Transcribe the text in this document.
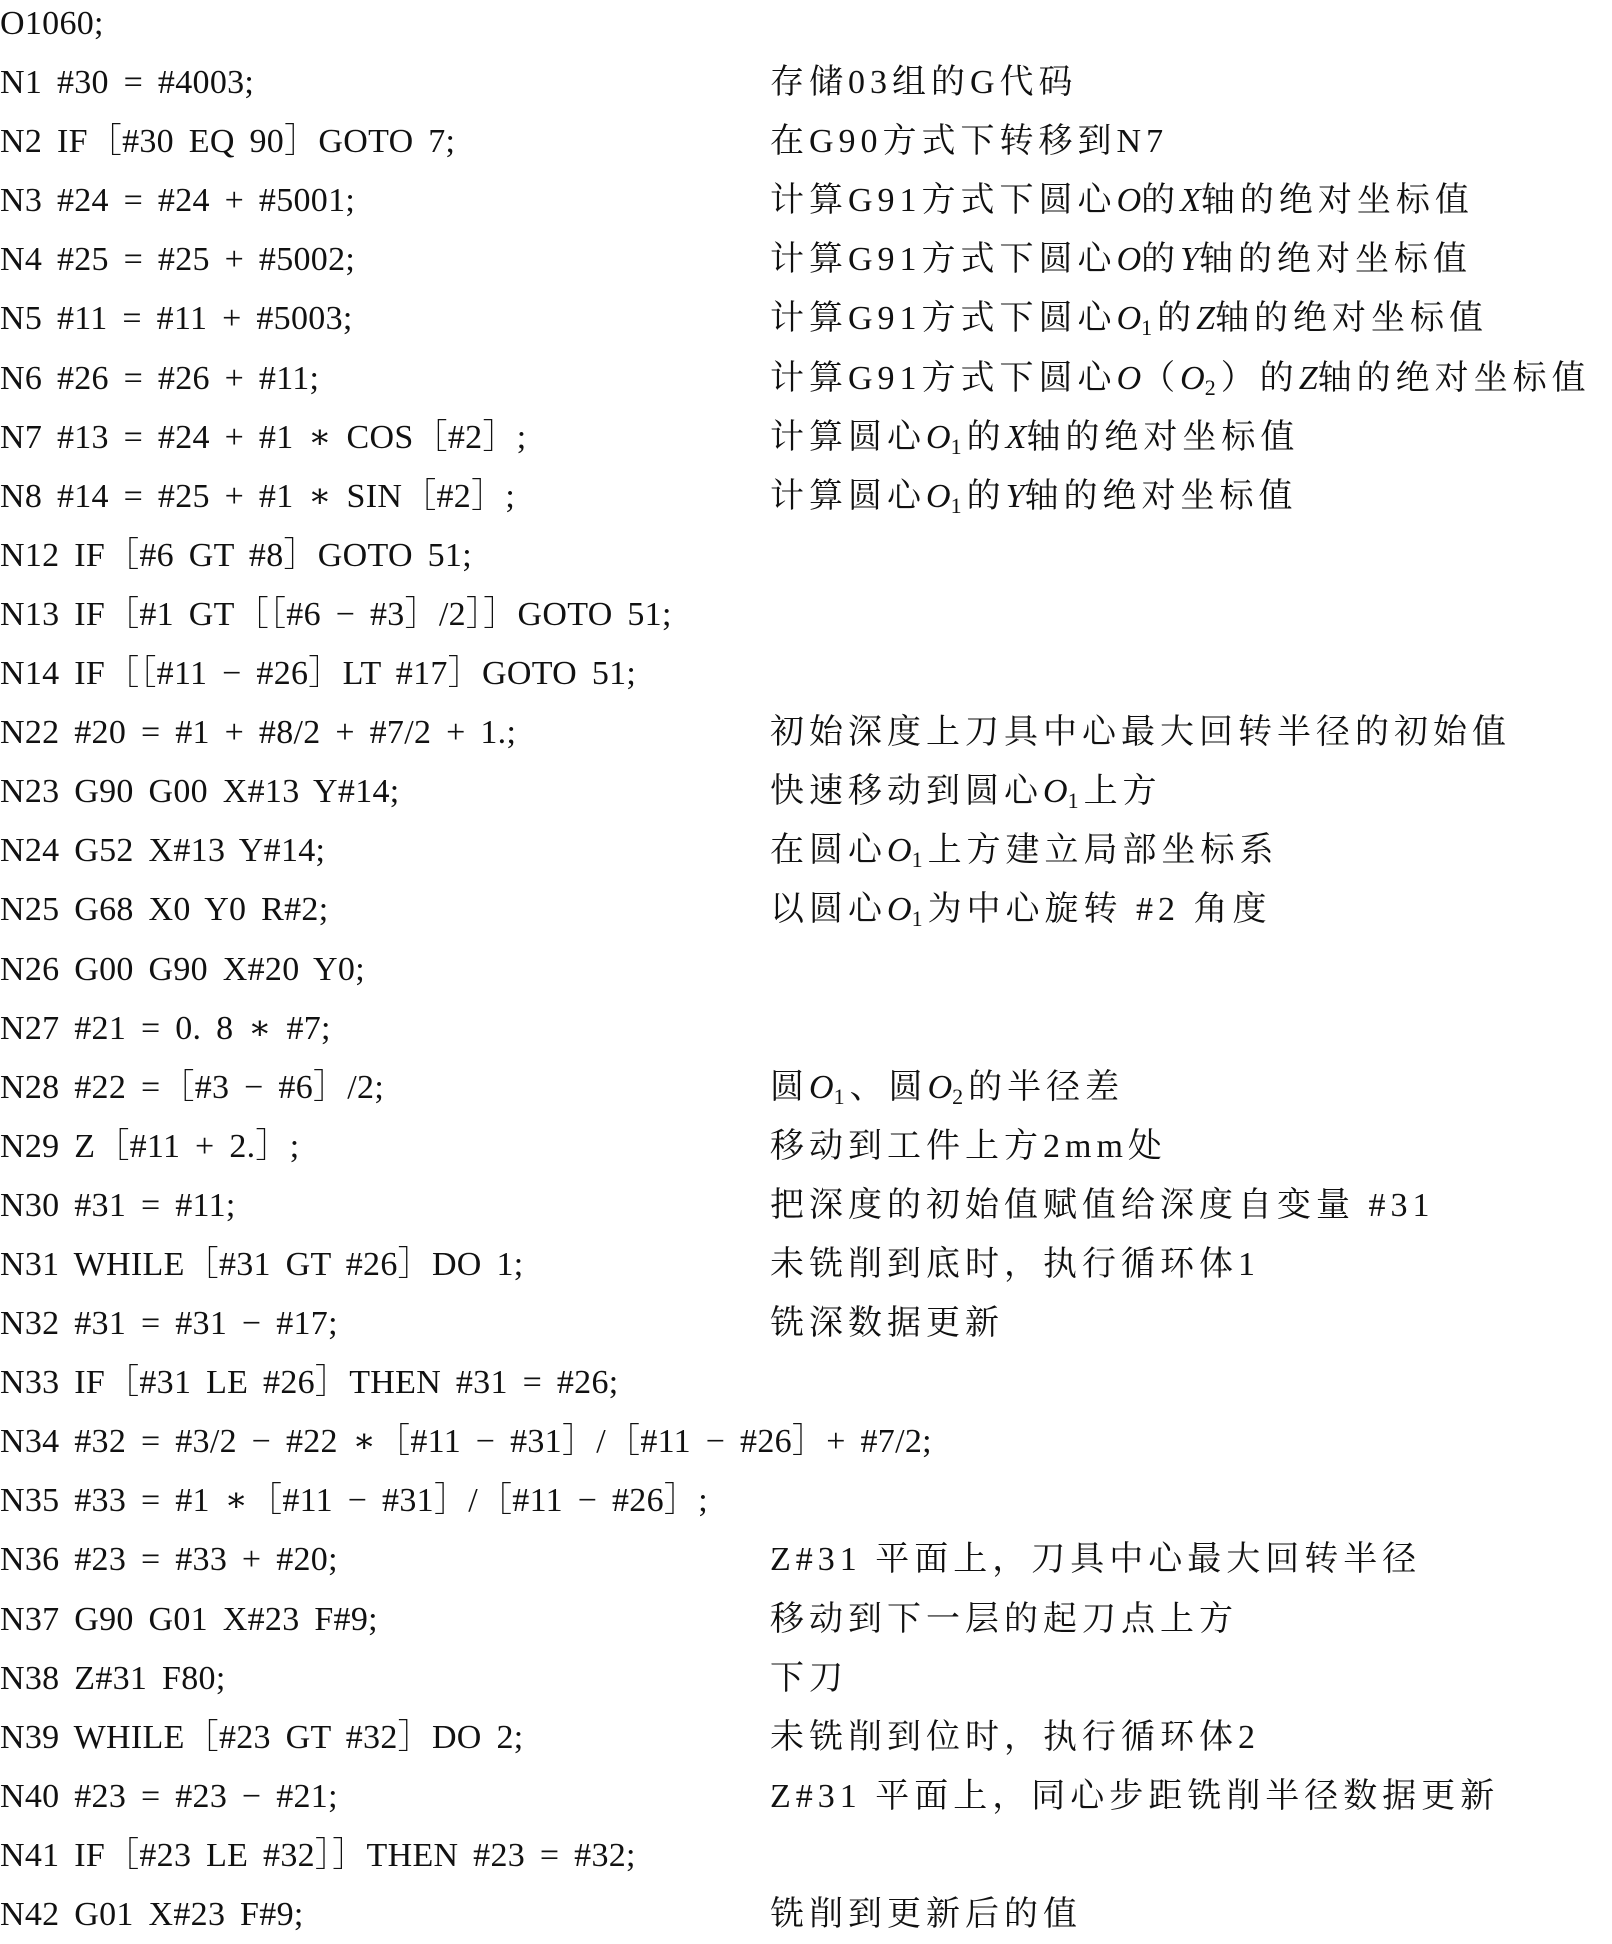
O1060;
N1 #30 = #4003;	存储03组的G代码
N2 IF［#30 EQ 90］GOTO 7;	在G90方式下转移到N7
N3 #24 = #24 + #5001;	计算G91方式下圆心O的X轴的绝对坐标值
N4 #25 = #25 + #5002;	计算G91方式下圆心O的Y轴的绝对坐标值
N5 #11 = #11 + #5003;	计算G91方式下圆心$O_1$的Z轴的绝对坐标值
N6 #26 = #26 + #11;	计算G91方式下圆心$O(O_2)$的Z轴的绝对坐标值
N7 #13 = #24 + #1 ∗ COS［#2］;	计算圆心$O_1$的X轴的绝对坐标值
N8 #14 = #25 + #1 ∗ SIN［#2］;	计算圆心$O_1$的Y轴的绝对坐标值
N12 IF［#6 GT #8］GOTO 51;
N13 IF［#1 GT［［#6 − #3］/2］］GOTO 51;
N14 IF［［#11 − #26］LT #17］GOTO 51;
N22 #20 = #1 + #8/2 + #7/2 + 1.;	初始深度上刀具中心最大回转半径的初始值
N23 G90 G00 X#13 Y#14;	快速移动到圆心$O_1$上方
N24 G52 X#13 Y#14;	在圆心$O_1$上方建立局部坐标系
N25 G68 X0 Y0 R#2;	以圆心$O_1$为中心旋转 #2 角度
N26 G00 G90 X#20 Y0;
N27 #21 = 0. 8 ∗ #7;
N28 #22 =［#3 − #6］/2;	圆$O_1$、圆$O_2$的半径差
N29 Z［#11 + 2.］;	移动到工件上方2mm处
N30 #31 = #11;	把深度的初始值赋值给深度自变量 #31
N31 WHILE［#31 GT #26］DO 1;	未铣削到底时，执行循环体1
N32 #31 = #31 − #17;	铣深数据更新
N33 IF［#31 LE #26］THEN #31 = #26;
N34 #32 = #3/2 − #22 ∗［#11 − #31］/［#11 − #26］+ #7/2;
N35 #33 = #1 ∗［#11 − #31］/［#11 − #26］;
N36 #23 = #33 + #20;	Z#31 平面上，刀具中心最大回转半径
N37 G90 G01 X#23 F#9;	移动到下一层的起刀点上方
N38 Z#31 F80;	下刀
N39 WHILE［#23 GT #32］DO 2;	未铣削到位时，执行循环体2
N40 #23 = #23 − #21;	Z#31 平面上，同心步距铣削半径数据更新
N41 IF［#23 LE #32］］THEN #23 = #32;
N42 G01 X#23 F#9;	铣削到更新后的值
